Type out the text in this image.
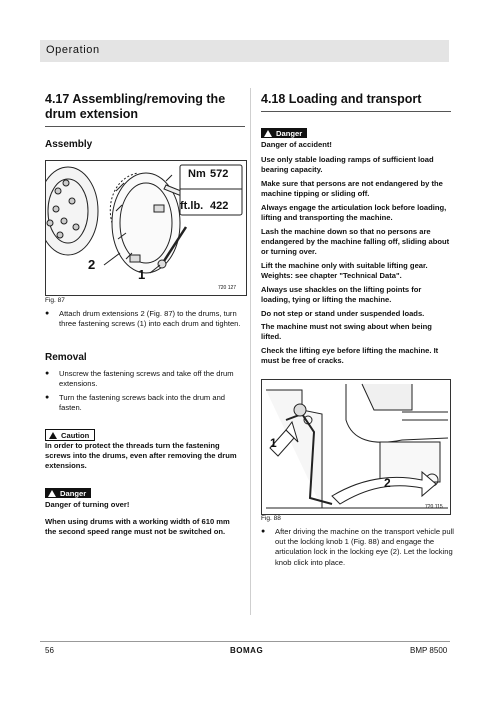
Operation
4.17 Assembling/removing the drum extension
Assembly
Nm 572
ft.lb. 422
2
1
720 127
Fig. 87
● Attach drum extensions 2 (Fig. 87) to the drums, turn three fastening screws (1) into each drum and tighten.
Removal
● Unscrew the fastening screws and take off the drum extensions.
● Turn the fastening screws back into the drum and fasten.
Caution
In order to protect the threads turn the fastening screws into the drums, even after removing the drum extensions.
Danger
Danger of turning over!
When using drums with a working width of 610 mm the second speed range must not be switched on.
4.18 Loading and transport
Danger
Danger of accident!
Use only stable loading ramps of sufficient load bearing capacity.
Make sure that persons are not endangered by the machine tipping or sliding off.
Always engage the articulation lock before loading, lifting and transporting the machine.
Lash the machine down so that no persons are endangered by the machine falling off, sliding about or turning over.
Lift the machine only with suitable lifting gear. Weights: see chapter "Technical Data".
Always use shackles on the lifting points for loading, tying or lifting the machine.
Do not step or stand under suspended loads.
The machine must not swing about when being lifted.
Check the lifting eye before lifting the machine. It must be free of cracks.
1
2
720 115
Fig. 88
● After driving the machine on the transport vehicle pull out the locking knob 1 (Fig. 88) and engage the articulation lock in the locking eye (2). Let the locking knob click into place.
56	BOMAG	BMP 8500
